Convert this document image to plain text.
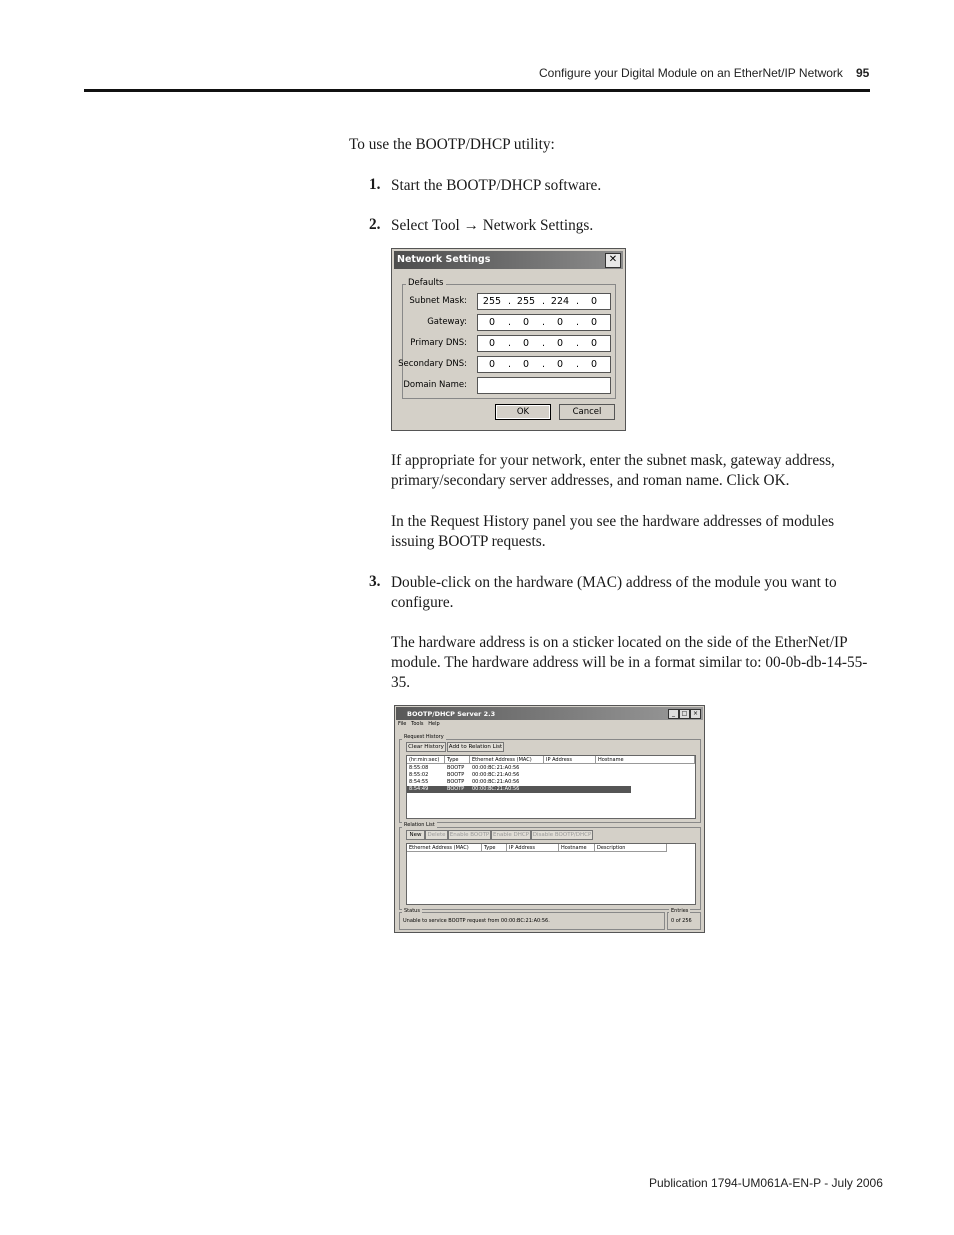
Configure your Digital Module on an EtherNet/IP Network 95

To use the BOOTP/DHCP utility:

1. Start the BOOTP/DHCP software.

2. Select Tool → Network Settings.

Network Settings	✕
Defaults
Subnet Mask:	255 . 255 . 224 .	0
Gateway:	0	.	0	.	0	.	0
Primary DNS:	0	.	0	.	0	.	0
Secondary DNS:	0	.	0	.	0	.	0
Domain Name:
OK	Cancel

If appropriate for your network, enter the subnet mask, gateway address, primary/secondary server addresses, and roman name. Click OK.

In the Request History panel you see the hardware addresses of modules issuing BOOTP requests.

3. Double-click on the hardware (MAC) address of the module you want to configure.

The hardware address is on a sticker located on the side of the EtherNet/IP module. The hardware address will be in a format similar to: 00-0b-db-14-55-35.

BOOTP/DHCP Server 2.3	_	□ ×
File Tools Help
Request History
Clear History Add to Relation List
(hr:min:sec)	Type	Ethernet Address (MAC)	IP Address	Hostname
8:55:08	BOOTP 00:00:BC:21:A0:56
8:55:02	BOOTP 00:00:BC:21:A0:56
8:54:55	BOOTP 00:00:BC:21:A0:56
8:54:49	BOOTP 00:00:BC:21:A0:56
Relation List
New	Delete Enable BOOTP Enable DHCP Disable BOOTP/DHCP
Ethernet Address (MAC)	Type	IP Address	Hostname	Description
Status
Unable to service BOOTP request from 00:00:BC:21:A0:56.
Entries
0 of 256
Publication 1794-UM061A-EN-P - July 2006
